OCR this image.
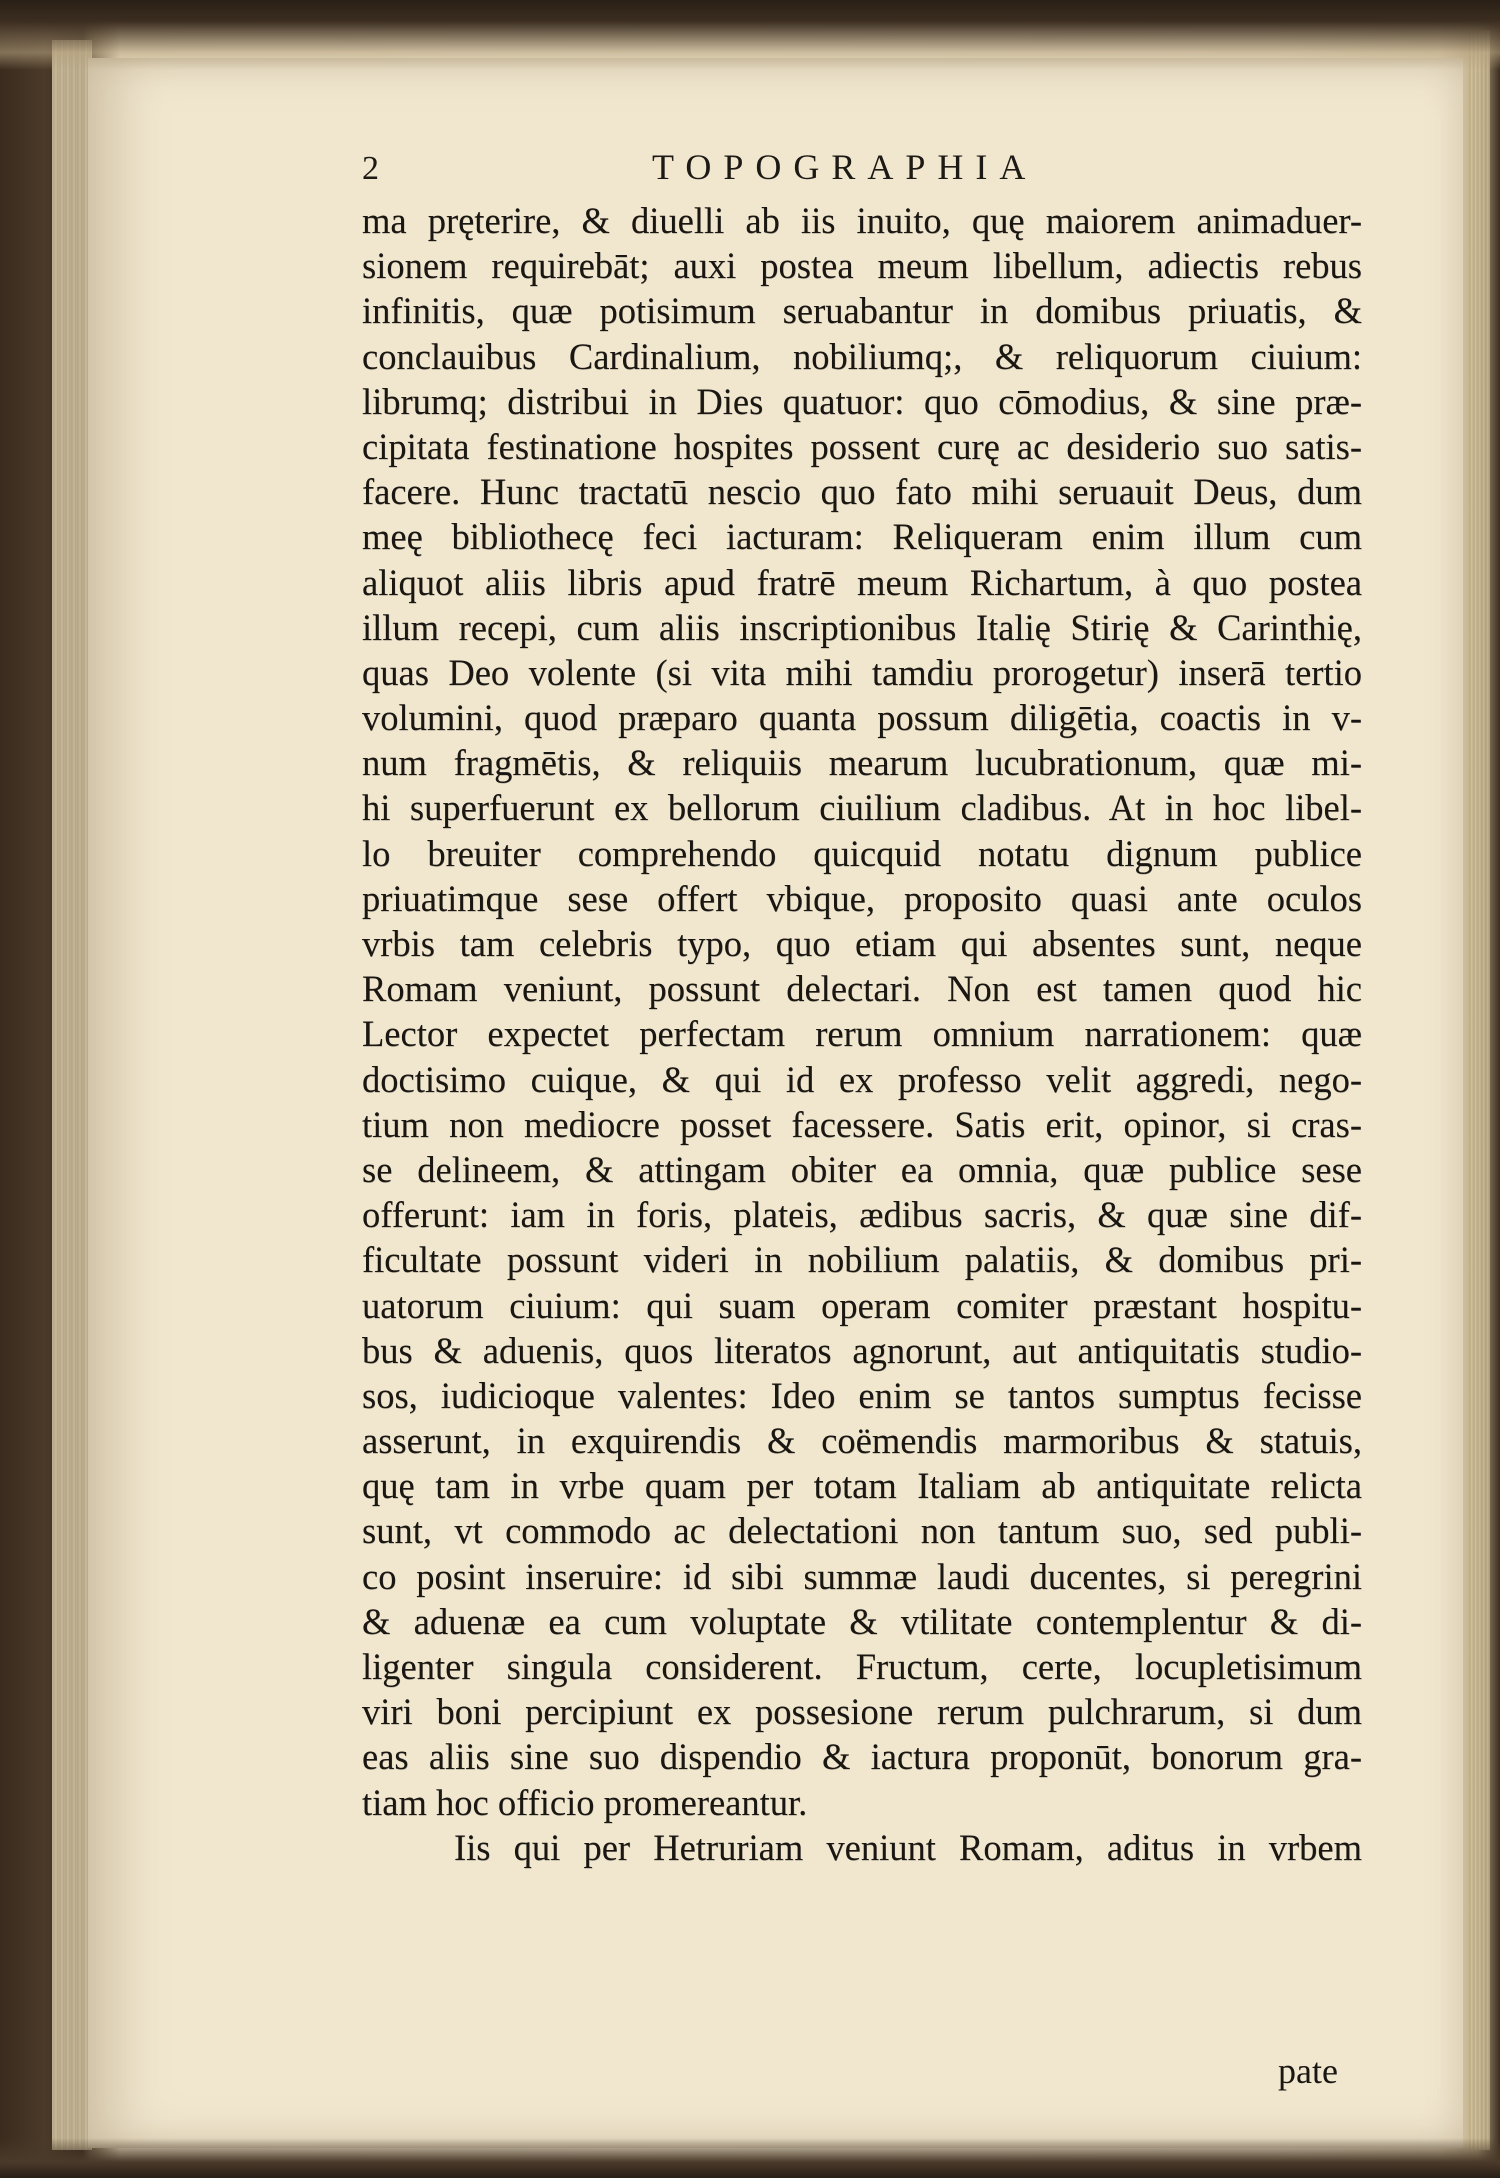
2	TOPOGRAPHIA
ma pręterire, & diuelli ab iis inuito, quę maiorem animaduer-
sionem requirebāt; auxi postea meum libellum, adiectis rebus
infinitis, quæ potisimum seruabantur in domibus priuatis, &
conclauibus Cardinalium, nobiliumq;, & reliquorum ciuium:
librumq; distribui in Dies quatuor: quo cōmodius, & sine præ-
cipitata festinatione hospites possent curę ac desiderio suo satis-
facere. Hunc tractatū nescio quo fato mihi seruauit Deus, dum
meę bibliothecę feci iacturam: Reliqueram enim illum cum
aliquot aliis libris apud fratrē meum Richartum, à quo postea
illum recepi, cum aliis inscriptionibus Italię Stirię & Carinthię,
quas Deo volente (si vita mihi tamdiu prorogetur) inserā tertio
volumini, quod præparo quanta possum diligētia, coactis in v-
num fragmētis, & reliquiis mearum lucubrationum, quæ mi-
hi superfuerunt ex bellorum ciuilium cladibus. At in hoc libel-
lo breuiter comprehendo quicquid notatu dignum publice
priuatimque sese offert vbique, proposito quasi ante oculos
vrbis tam celebris typo, quo etiam qui absentes sunt, neque
Romam veniunt, possunt delectari. Non est tamen quod hic
Lector expectet perfectam rerum omnium narrationem: quæ
doctisimo cuique, & qui id ex professo velit aggredi, nego-
tium non mediocre posset facessere. Satis erit, opinor, si cras-
se delineem, & attingam obiter ea omnia, quæ publice sese
offerunt: iam in foris, plateis, ædibus sacris, & quæ sine dif-
ficultate possunt videri in nobilium palatiis, & domibus pri-
uatorum ciuium: qui suam operam comiter præstant hospitu-
bus & aduenis, quos literatos agnorunt, aut antiquitatis studio-
sos, iudicioque valentes: Ideo enim se tantos sumptus fecisse
asserunt, in exquirendis & coëmendis marmoribus & statuis,
quę tam in vrbe quam per totam Italiam ab antiquitate relicta
sunt, vt commodo ac delectationi non tantum suo, sed publi-
co posint inseruire: id sibi summæ laudi ducentes, si peregrini
& aduenæ ea cum voluptate & vtilitate contemplentur & di-
ligenter singula considerent. Fructum, certe, locupletisimum
viri boni percipiunt ex possesione rerum pulchrarum, si dum
eas aliis sine suo dispendio & iactura proponūt, bonorum gra-
tiam hoc officio promereantur.
Iis qui per Hetruriam veniunt Romam, aditus in vrbem
pate
